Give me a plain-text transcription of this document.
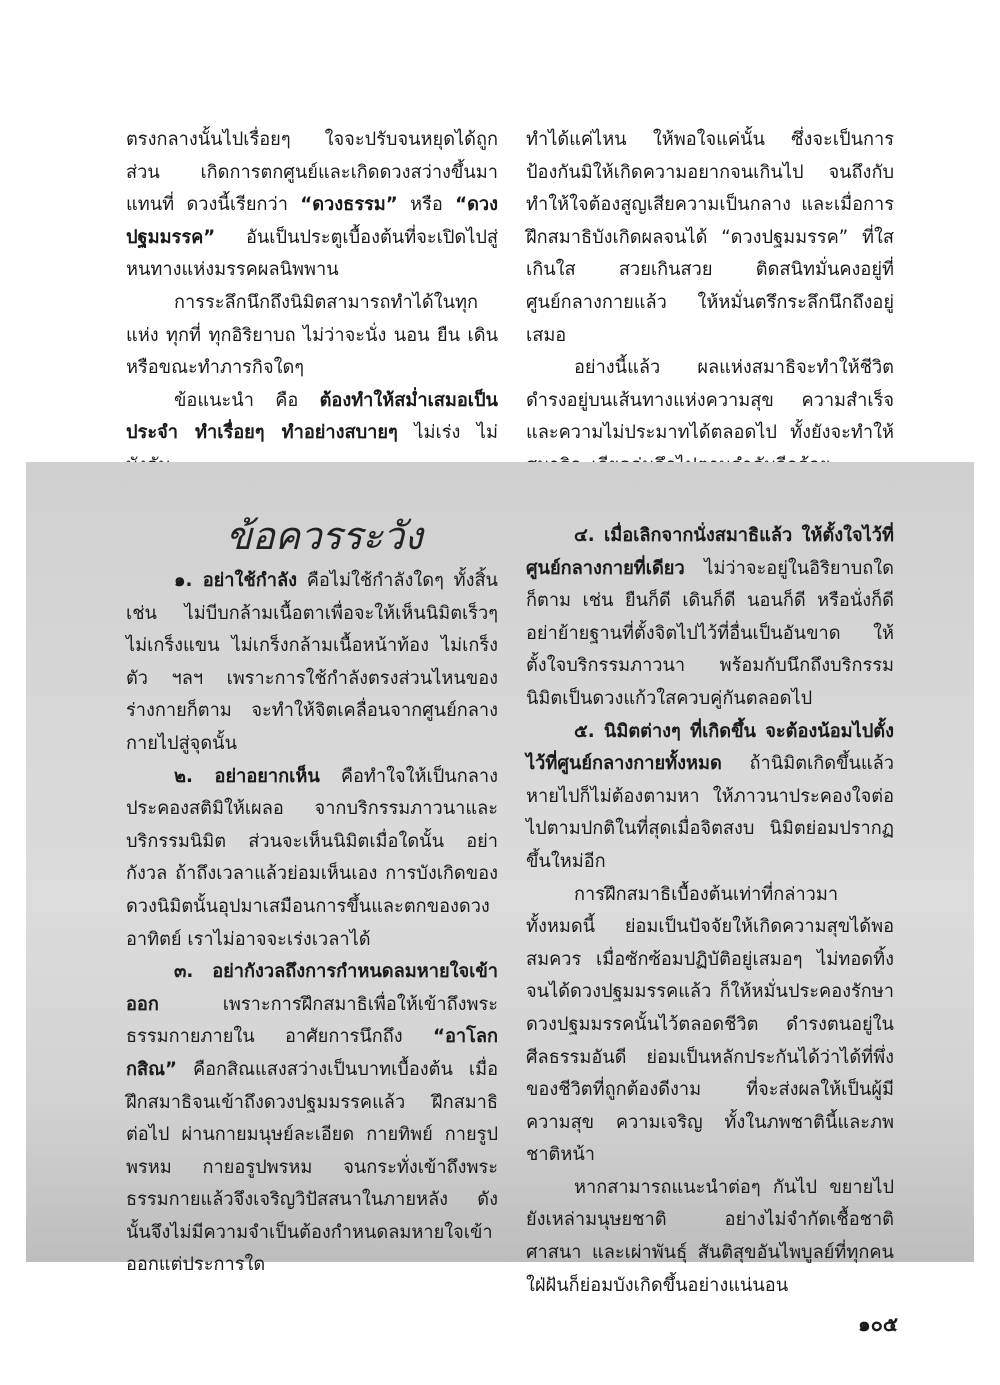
ตรงกลางนั้นไปเรื่อยๆ ใจจะปรับจนหยุดได้ถูกส่วน เกิดการตกศูนย์และเกิดดวงสว่างขึ้นมาแทนที่ ดวงนี้เรียกว่า “ดวงธรรม” หรือ “ดวงปฐมมรรค” อันเป็นประตูเบื้องต้นที่จะเปิดไปสู่หนทางแห่งมรรคผลนิพพาน

การระลึกนึกถึงนิมิตสามารถทำได้ในทุกแห่ง ทุกที่ ทุกอิริยาบถ ไม่ว่าจะนั่ง นอน ยืน เดิน หรือขณะทำภารกิจใดๆ

ข้อแนะนำ คือ ต้องทำให้สม่ำเสมอเป็นประจำ ทำเรื่อยๆ ทำอย่างสบายๆ ไม่เร่ง ไม่

ทำได้แค่ไหน ให้พอใจแค่นั้น ซึ่งจะเป็นการป้องกันมิให้เกิดความอยากจนเกินไป จนถึงกับทำให้ใจต้องสูญเสียความเป็นกลาง และเมื่อการฝึกสมาธิบังเกิดผลจนได้ “ดวงปฐมมรรค” ที่ใสเกินใส สวยเกินสวย ติดสนิทมั่นคงอยู่ที่ศูนย์กลางกายแล้ว ให้หมั่นตรึกระลึกนึกถึงอยู่เสมอ

อย่างนี้แล้ว ผลแห่งสมาธิจะทำให้ชีวิตดำรงอยู่บนเส้นทางแห่งความสุข ความสำเร็จและความไม่ประมาทได้ตลอดไป ทั้งยังจะทำให้

ข้อควรระวัง

๑. อย่าใช้กำลัง คือไม่ใช้กำลังใดๆ ทั้งสิ้น เช่น ไม่บีบกล้ามเนื้อตาเพื่อจะให้เห็นนิมิตเร็วๆ ไม่เกร็งแขน ไม่เกร็งกล้ามเนื้อหน้าท้อง ไม่เกร็งตัว ฯลฯ เพราะการใช้กำลังตรงส่วนไหนของร่างกายก็ตาม จะทำให้จิตเคลื่อนจากศูนย์กลางกายไปสู่จุดนั้น

๒. อย่าอยากเห็น คือทำใจให้เป็นกลาง ประคองสติมิให้เผลอ จากบริกรรมภาวนาและบริกรรมนิมิต ส่วนจะเห็นนิมิตเมื่อใดนั้น อย่ากังวล ถ้าถึงเวลาแล้วย่อมเห็นเอง การบังเกิดของดวงนิมิตนั้นอุปมาเสมือนการขึ้นและตกของดวงอาทิตย์ เราไม่อาจจะเร่งเวลาได้

๓. อย่ากังวลถึงการกำหนดลมหายใจเข้าออก เพราะการฝึกสมาธิเพื่อให้เข้าถึงพระธรรมกายภายใน อาศัยการนึกถึง “อาโลกกสิณ” คือกสิณแสงสว่างเป็นบาทเบื้องต้น เมื่อฝึกสมาธิจนเข้าถึงดวงปฐมมรรคแล้ว ฝึกสมาธิต่อไป ผ่านกายมนุษย์ละเอียด กายทิพย์ กายรูปพรหม กายอรูปพรหม จนกระทั่งเข้าถึงพระธรรมกายแล้วจึงเจริญวิปัสสนาในภายหลัง ดังนั้นจึงไม่มีความจำเป็นต้องกำหนดลมหายใจเข้าออกแต่ประการใด

๔. เมื่อเลิกจากนั่งสมาธิแล้ว ให้ตั้งใจไว้ที่ศูนย์กลางกายที่เดียว ไม่ว่าจะอยู่ในอิริยาบถใดก็ตาม เช่น ยืนก็ดี เดินก็ดี นอนก็ดี หรือนั่งก็ดี อย่าย้ายฐานที่ตั้งจิตไปไว้ที่อื่นเป็นอันขาด ให้ตั้งใจบริกรรมภาวนา พร้อมกับนึกถึงบริกรรมนิมิตเป็นดวงแก้วใสควบคู่กันตลอดไป

๕. นิมิตต่างๆ ที่เกิดขึ้น จะต้องน้อมไปตั้งไว้ที่ศูนย์กลางกายทั้งหมด ถ้านิมิตเกิดขึ้นแล้วหายไปก็ไม่ต้องตามหา ให้ภาวนาประคองใจต่อไปตามปกติในที่สุดเมื่อจิตสงบ นิมิตย่อมปรากฏขึ้นใหม่อีก

การฝึกสมาธิเบื้องต้นเท่าที่กล่าวมาทั้งหมดนี้ ย่อมเป็นปัจจัยให้เกิดความสุขได้พอสมควร เมื่อซักซ้อมปฏิบัติอยู่เสมอๆ ไม่ทอดทิ้ง จนได้ดวงปฐมมรรคแล้ว ก็ให้หมั่นประคองรักษาดวงปฐมมรรคนั้นไว้ตลอดชีวิต ดำรงตนอยู่ในศีลธรรมอันดี ย่อมเป็นหลักประกันได้ว่าได้ที่พึ่งของชีวิตที่ถูกต้องดีงาม ที่จะส่งผลให้เป็นผู้มีความสุข ความเจริญ ทั้งในภพชาตินี้และภพชาติหน้า

หากสามารถแนะนำต่อๆ กันไป ขยายไปยังเหล่ามนุษยชาติ อย่างไม่จำกัดเชื้อชาติ ศาสนา และเผ่าพันธุ์ สันติสุขอันไพบูลย์ที่ทุกคนใฝ่ฝันก็ย่อมบังเกิดขึ้นอย่างแน่นอน

๑๐๕
